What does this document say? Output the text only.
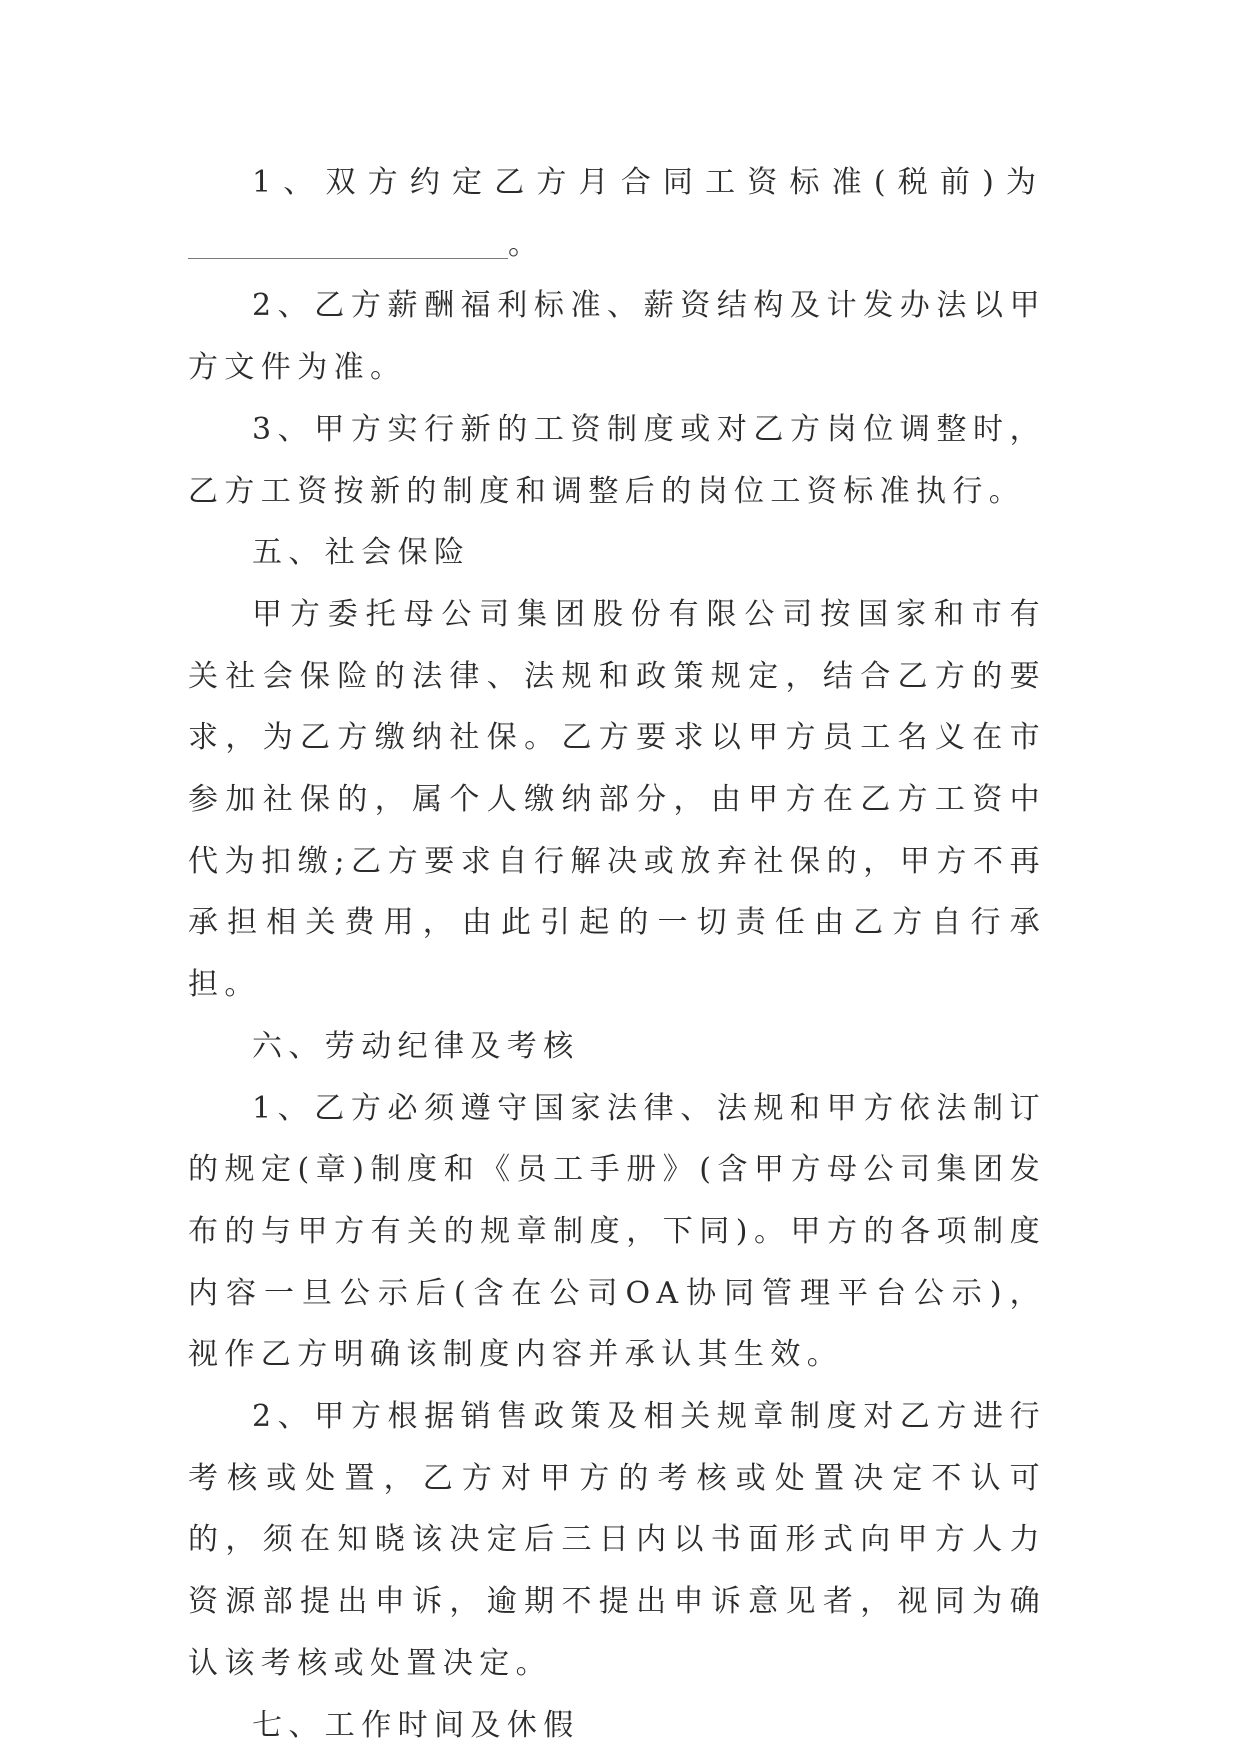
1、双方约定乙方月合同工资标准(税前)为

。

2、乙方薪酬福利标准、薪资结构及计发办法以甲方文件为准。

3、甲方实行新的工资制度或对乙方岗位调整时，乙方工资按新的制度和调整后的岗位工资标准执行。

五、社会保险

甲方委托母公司集团股份有限公司按国家和市有关社会保险的法律、法规和政策规定，结合乙方的要求，为乙方缴纳社保。乙方要求以甲方员工名义在市参加社保的，属个人缴纳部分，由甲方在乙方工资中代为扣缴;乙方要求自行解决或放弃社保的，甲方不再承担相关费用，由此引起的一切责任由乙方自行承担。

六、劳动纪律及考核

1、乙方必须遵守国家法律、法规和甲方依法制订的规定(章)制度和《员工手册》(含甲方母公司集团发布的与甲方有关的规章制度，下同)。甲方的各项制度内容一旦公示后(含在公司OA协同管理平台公示)，视作乙方明确该制度内容并承认其生效。

2、甲方根据销售政策及相关规章制度对乙方进行考核或处置，乙方对甲方的考核或处置决定不认可的，须在知晓该决定后三日内以书面形式向甲方人力资源部提出申诉，逾期不提出申诉意见者，视同为确认该考核或处置决定。

七、工作时间及休假
